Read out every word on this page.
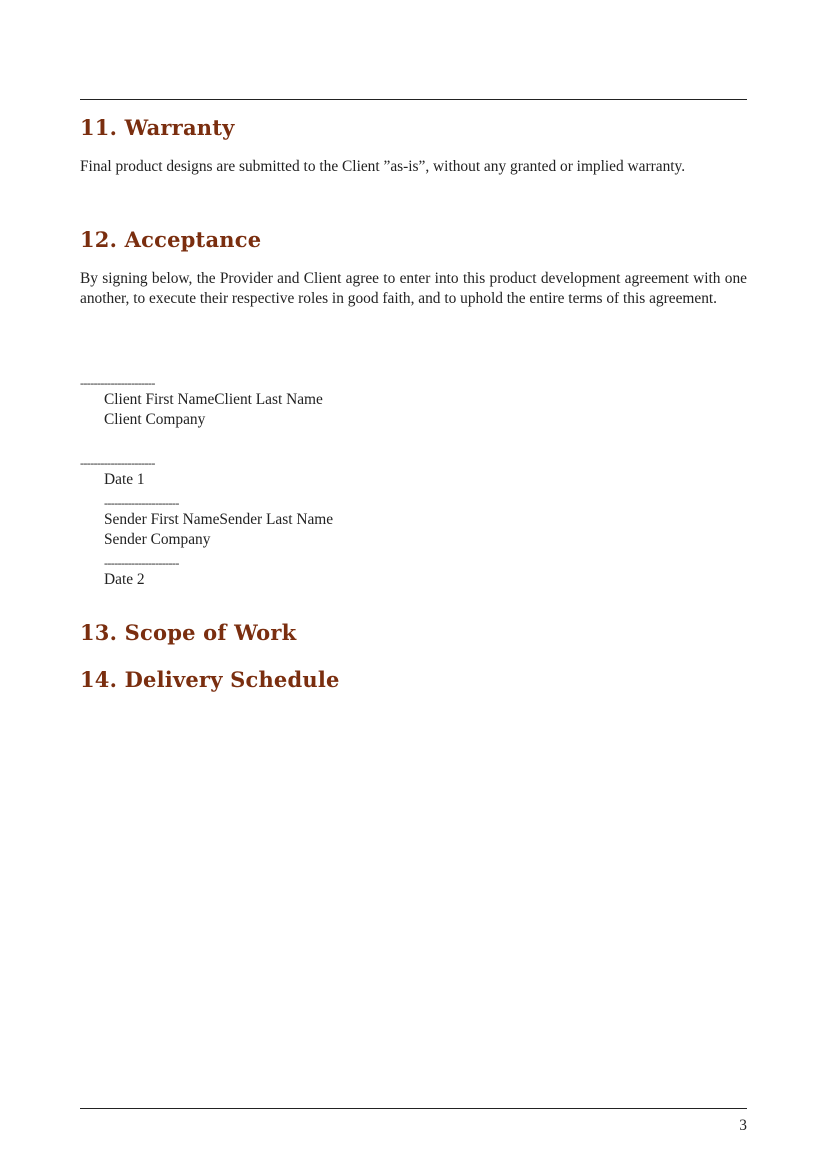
11. Warranty

Final product designs are submitted to the Client ”as-is”, without any granted or implied warranty.

12. Acceptance

By signing below, the Provider and Client agree to enter into this product development agreement with one another, to execute their respective roles in good faith, and to uphold the entire terms of this agreement.

----------------------
Client First NameClient Last Name
Client Company
----------------------
Date 1
----------------------
Sender First NameSender Last Name
Sender Company
----------------------
Date 2
13. Scope of Work
14. Delivery Schedule
3
